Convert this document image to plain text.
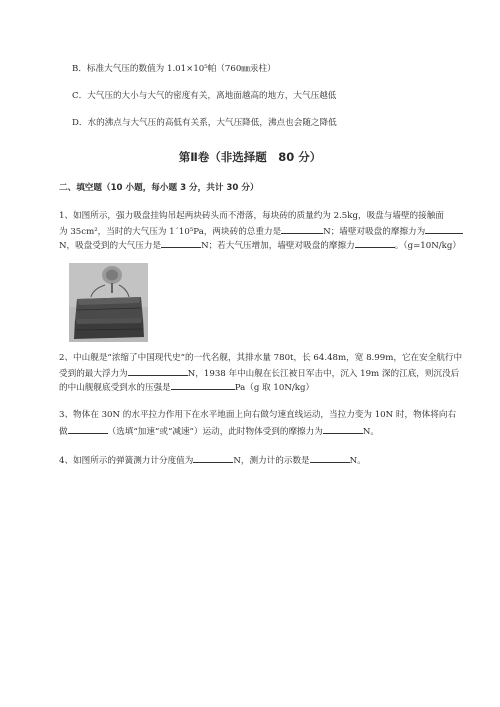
B．标准大气压的数值为 1.01×10⁵帕（760㎜汞柱）
C．大气压的大小与大气的密度有关，离地面越高的地方，大气压越低
D．水的沸点与大气压的高低有关系，大气压降低，沸点也会随之降低
第Ⅱ卷（非选择题　80 分）
二、填空题（10 小题，每小题 3 分，共计 30 分）
1、如图所示，强力吸盘挂钩吊起两块砖头而不滑落，每块砖的质量约为 2.5kg，吸盘与墙壁的接触面
为 35cm²，当时的大气压为 1´10⁵Pa，两块砖的总重力是	N；墙壁对吸盘的摩擦力为
N，吸盘受到的大气压力是	N；若大气压增加，墙壁对吸盘的摩擦力	。（g=10N/kg）
2、中山舰是“浓缩了中国现代史”的一代名舰，其排水量 780t，长 64.48m，宽 8.99m，它在安全航行中
受到的最大浮力为	N，1938 年中山舰在长江被日军击中，沉入 19m 深的江底，则沉没后
的中山舰舰底受到水的压强是	Pa（g 取 10N/kg）
3、物体在 30N 的水平拉力作用下在水平地面上向右做匀速直线运动，当拉力变为 10N 时，物体将向右
做	（选填“加速”或“减速”）运动，此时物体受到的摩擦力为	N。
4、如图所示的弹簧测力计分度值为	N，测力计的示数是	N。
